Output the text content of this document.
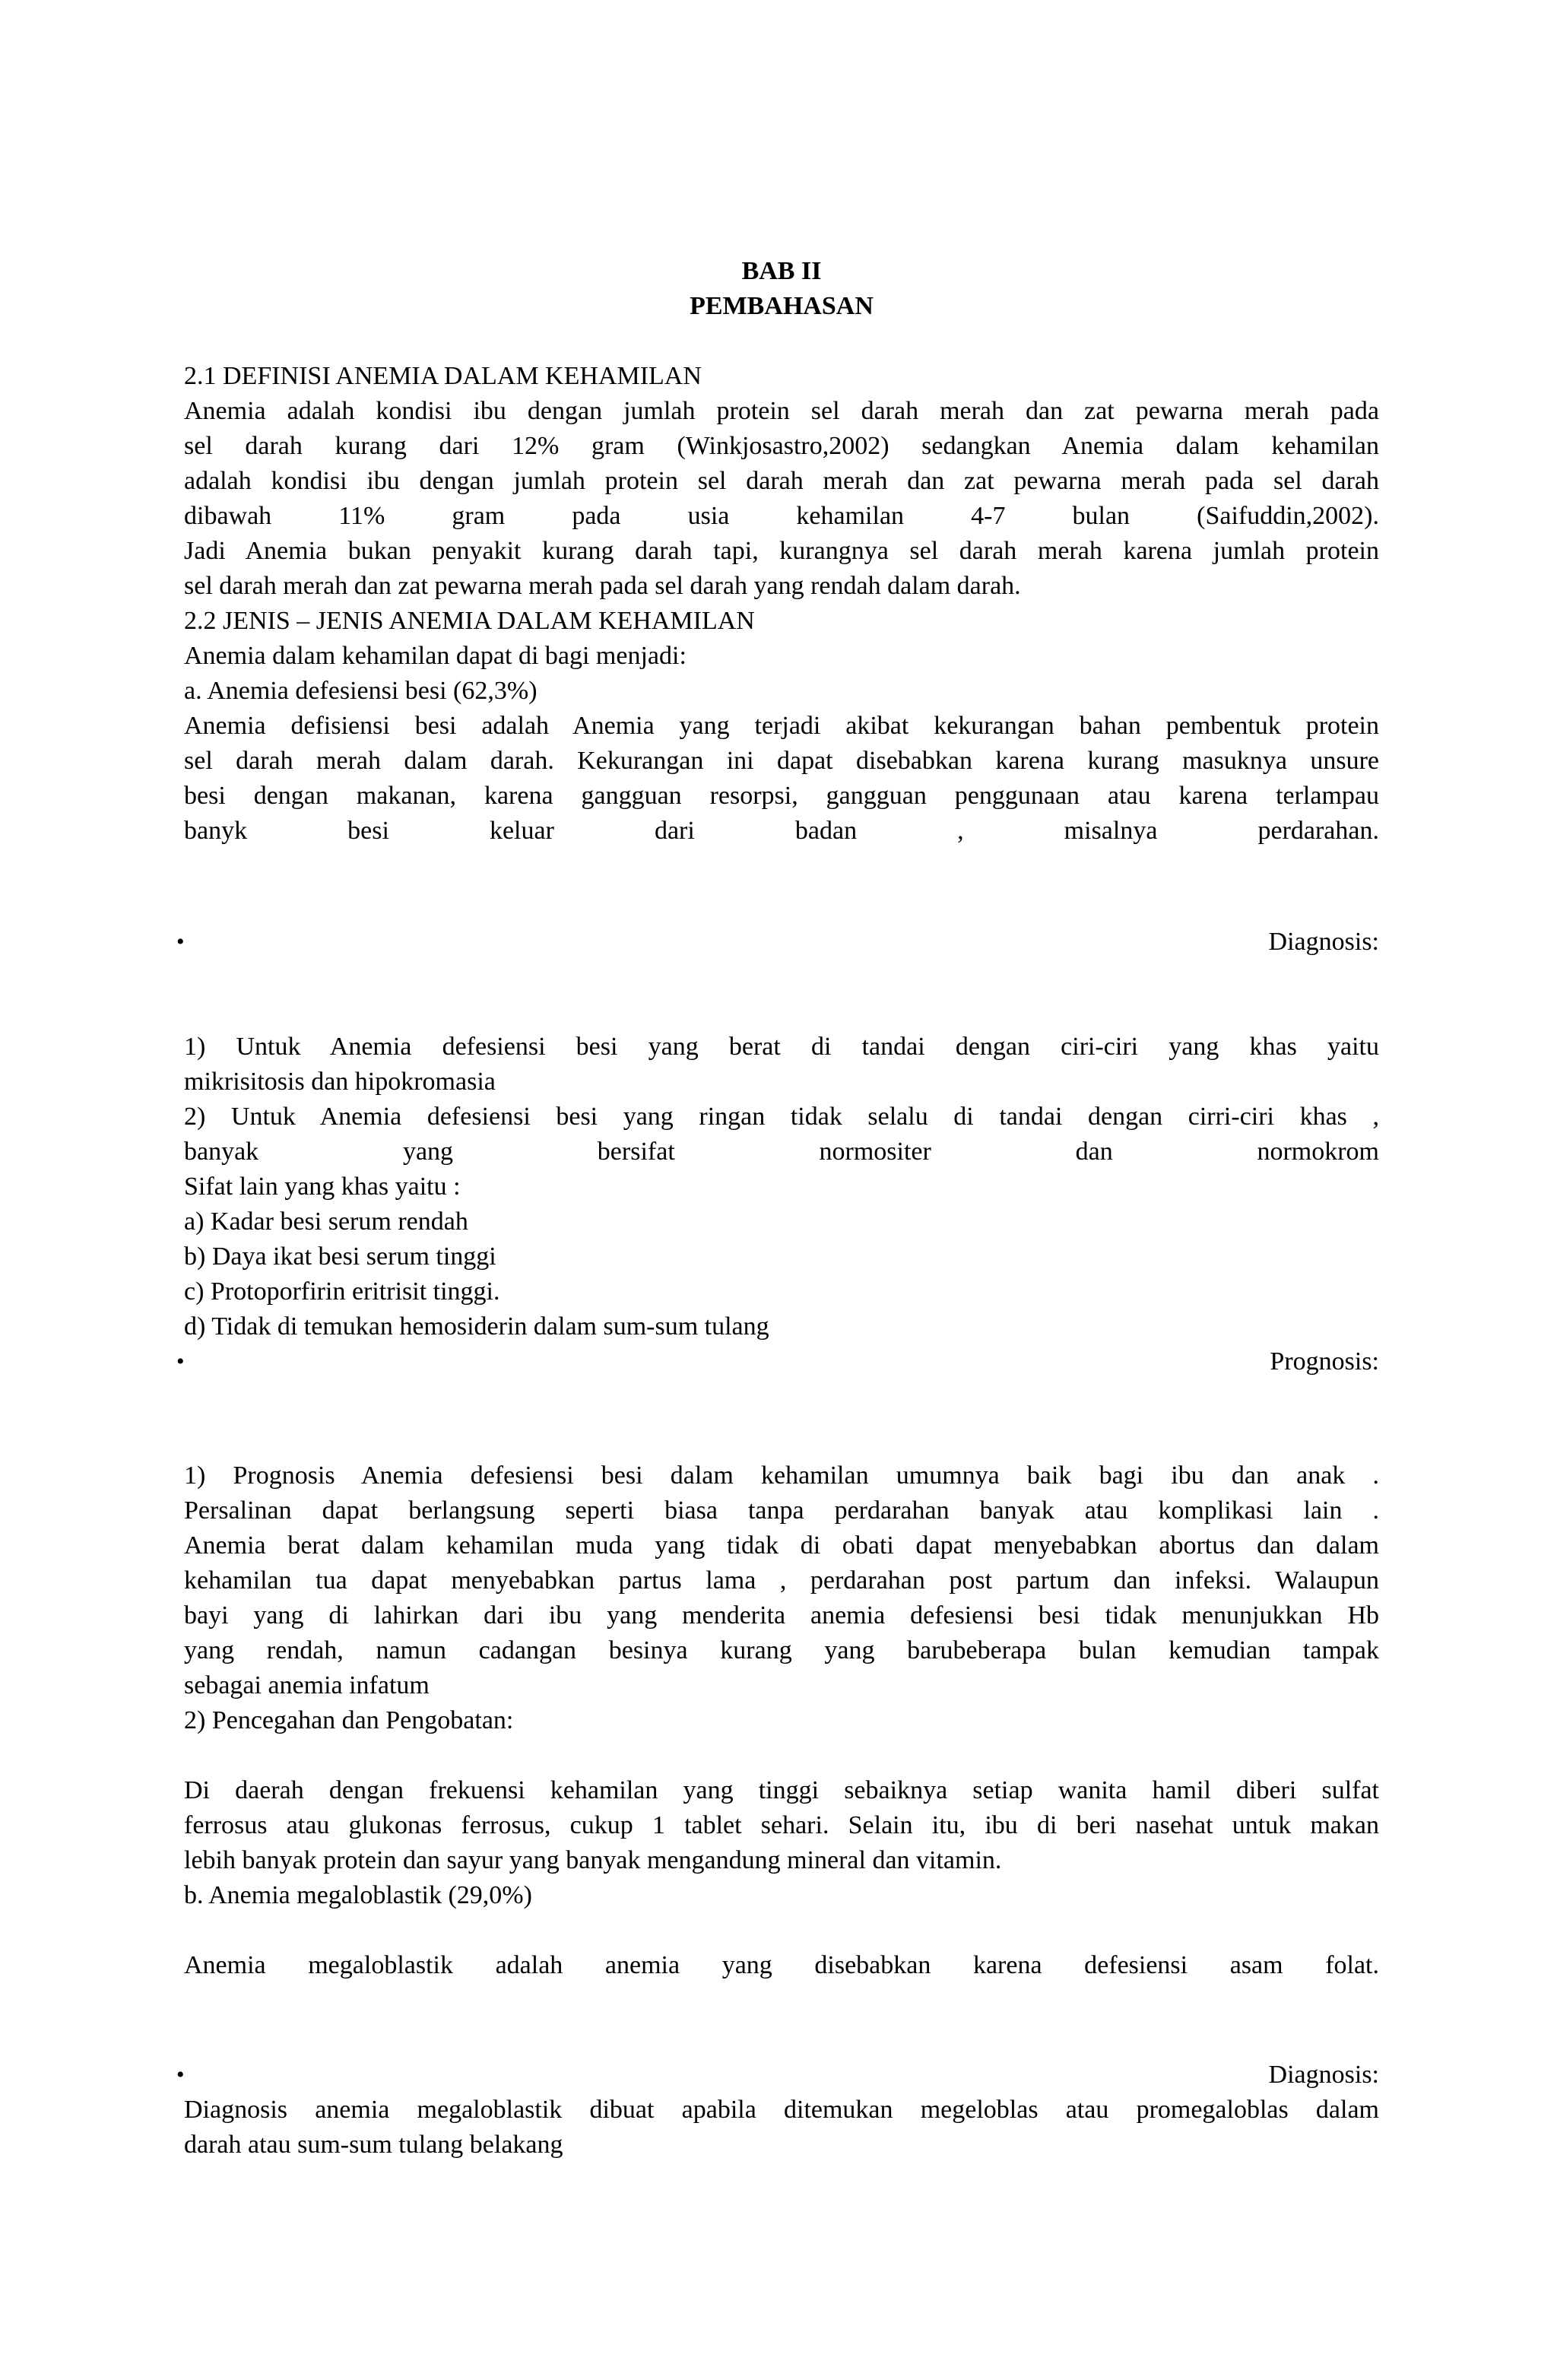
BAB II
PEMBAHASAN
2.1 DEFINISI ANEMIA DALAM KEHAMILAN
Anemia adalah kondisi ibu dengan jumlah protein sel darah merah dan zat pewarna merah pada
sel darah kurang dari 12% gram (Winkjosastro,2002) sedangkan Anemia dalam kehamilan
adalah kondisi ibu dengan jumlah protein sel darah merah dan zat pewarna merah pada sel darah
dibawah 11% gram pada usia kehamilan 4-7 bulan (Saifuddin,2002).
Jadi Anemia bukan penyakit kurang darah tapi, kurangnya sel darah merah karena jumlah protein
sel darah merah dan zat pewarna merah pada sel darah yang rendah dalam darah.
2.2 JENIS – JENIS ANEMIA DALAM KEHAMILAN
Anemia dalam kehamilan dapat di bagi menjadi:
a. Anemia defesiensi besi (62,3%)
Anemia defisiensi besi adalah Anemia yang terjadi akibat kekurangan bahan pembentuk protein
sel darah merah dalam darah. Kekurangan ini dapat disebabkan karena kurang masuknya unsure
besi dengan makanan, karena gangguan resorpsi, gangguan penggunaan atau karena terlampau
banyk besi keluar dari badan , misalnya perdarahan.
•	Diagnosis:
1) Untuk Anemia defesiensi besi yang berat di tandai dengan ciri-ciri yang khas yaitu
mikrisitosis dan hipokromasia
2) Untuk Anemia defesiensi besi yang ringan tidak selalu di tandai dengan cirri-ciri khas ,
banyak yang bersifat normositer dan normokrom
Sifat lain yang khas yaitu :
a) Kadar besi serum rendah
b) Daya ikat besi serum tinggi
c) Protoporfirin eritrisit tinggi.
d) Tidak di temukan hemosiderin dalam sum-sum tulang
•	Prognosis:
1) Prognosis Anemia defesiensi besi dalam kehamilan umumnya baik bagi ibu dan anak .
Persalinan dapat berlangsung seperti biasa tanpa perdarahan banyak atau komplikasi lain .
Anemia berat dalam kehamilan muda yang tidak di obati dapat menyebabkan abortus dan dalam
kehamilan tua dapat menyebabkan partus lama , perdarahan post partum dan infeksi. Walaupun
bayi yang di lahirkan dari ibu yang menderita anemia defesiensi besi tidak menunjukkan Hb
yang rendah, namun cadangan besinya kurang yang barubeberapa bulan kemudian tampak
sebagai anemia infatum
2) Pencegahan dan Pengobatan:
Di daerah dengan frekuensi kehamilan yang tinggi sebaiknya setiap wanita hamil diberi sulfat
ferrosus atau glukonas ferrosus, cukup 1 tablet sehari. Selain itu, ibu di beri nasehat untuk makan
lebih banyak protein dan sayur yang banyak mengandung mineral dan vitamin.
b. Anemia megaloblastik (29,0%)
Anemia megaloblastik adalah anemia yang disebabkan karena defesiensi asam folat.
•	Diagnosis:
Diagnosis anemia megaloblastik dibuat apabila ditemukan megeloblas atau promegaloblas dalam
darah atau sum-sum tulang belakang
